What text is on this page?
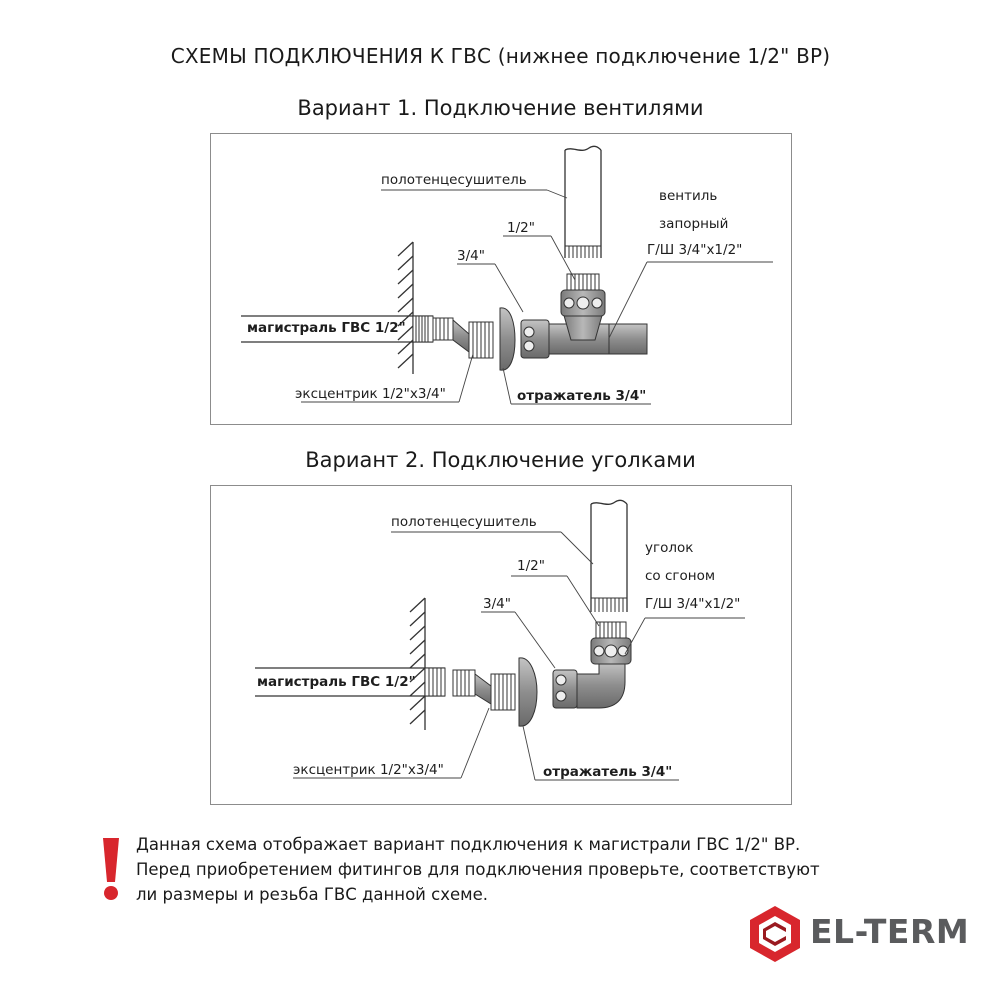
СХЕМЫ ПОДКЛЮЧЕНИЯ К ГВС (нижнее подключение 1/2" ВР)
Вариант 1. Подключение вентилями
полотенцесушитель
вентиль
запорный
Г/Ш 3/4"х1/2"
1/2"
3/4"
магистраль ГВС 1/2"
эксцентрик 1/2"х3/4"	отражатель 3/4"
Вариант 2. Подключение уголками
полотенцесушитель
уголок
со сгоном
Г/Ш 3/4"х1/2"
1/2"
3/4"
магистраль ГВС 1/2"
эксцентрик 1/2"х3/4"	отражатель 3/4"
Данная схема отображает вариант подключения к магистрали ГВС 1/2" ВР.
Перед приобретением фитингов для подключения проверьте, соответствуют
ли размеры и резьба ГВС данной схеме.
EL-TERM
